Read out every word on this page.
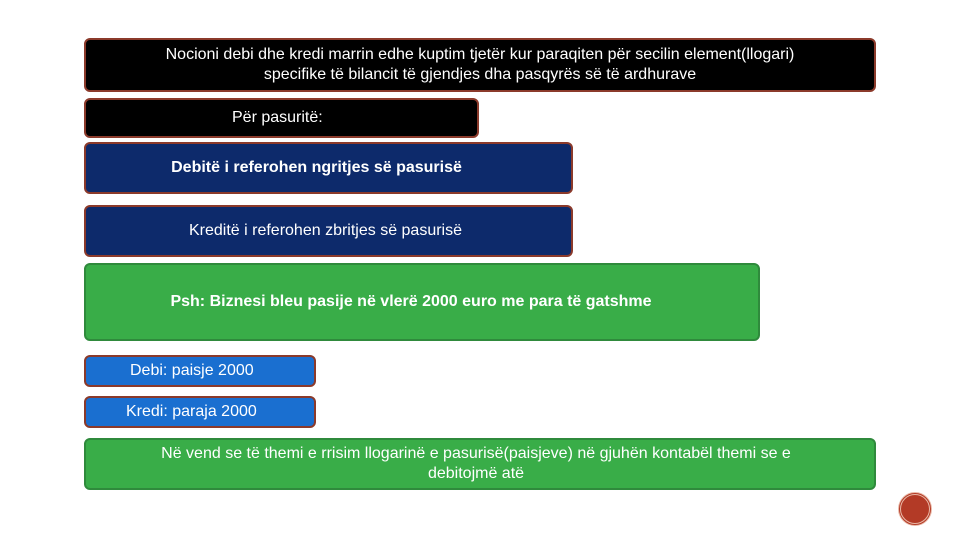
Nocioni debi dhe kredi marrin edhe kuptim tjetër kur paraqiten për secilin element(llogari)
specifike të bilancit të gjendjes dha pasqyrës së të ardhurave
Për pasuritë:
Debitë i referohen ngritjes së pasurisë
Kreditë i referohen zbritjes së pasurisë
Psh: Biznesi bleu pasije në vlerë 2000 euro me para të gatshme
Debi: paisje 2000
Kredi: paraja 2000
Në vend se të themi e rrisim llogarinë e pasurisë(paisjeve) në gjuhën kontabël themi se e
debitojmë atë
